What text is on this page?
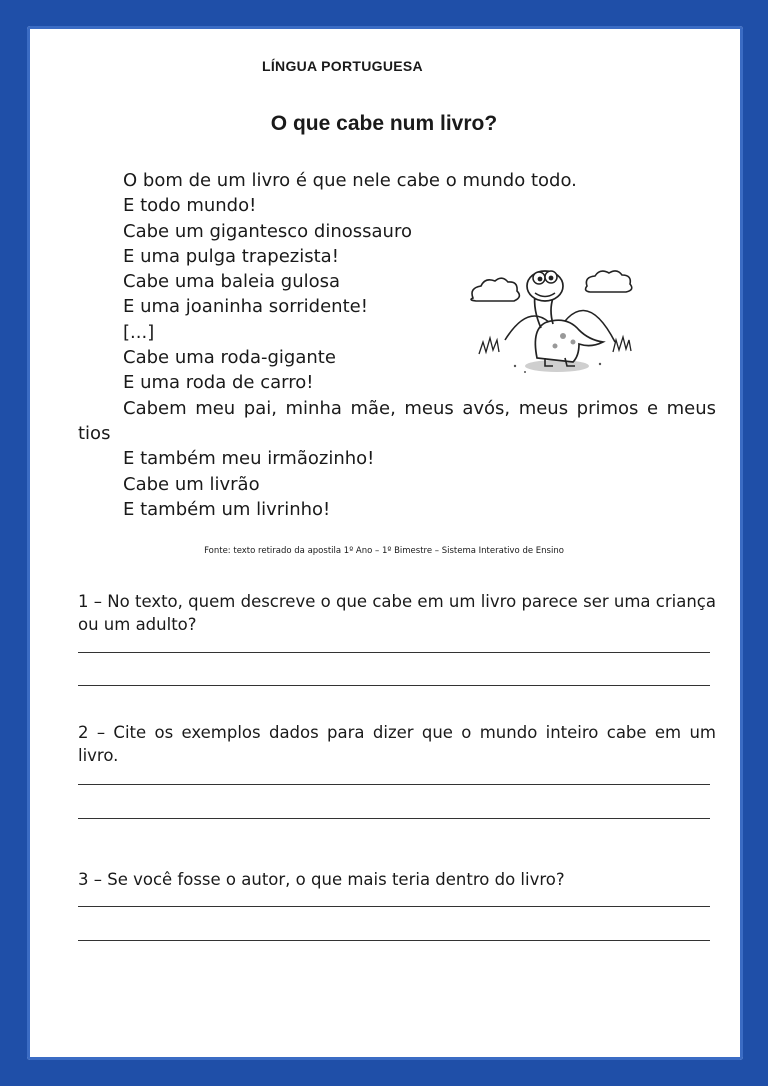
LÍNGUA PORTUGUESA

O que cabe num livro?
O bom de um livro é que nele cabe o mundo todo.
E todo mundo!
Cabe um gigantesco dinossauro
E uma pulga trapezista!
Cabe uma baleia gulosa
E uma joaninha sorridente!
[...]
Cabe uma roda-gigante
E uma roda de carro!
Cabem meu pai, minha mãe, meus avós, meus primos e meus tios
E também meu irmãozinho!
Cabe um livrão
E também um livrinho!

Fonte: texto retirado da apostila 1º Ano – 1º Bimestre – Sistema Interativo de Ensino

1 – No texto, quem descreve o que cabe em um livro parece ser uma criança ou um adulto?

2 – Cite os exemplos dados para dizer que o mundo inteiro cabe em um livro.

3 – Se você fosse o autor, o que mais teria dentro do livro?
